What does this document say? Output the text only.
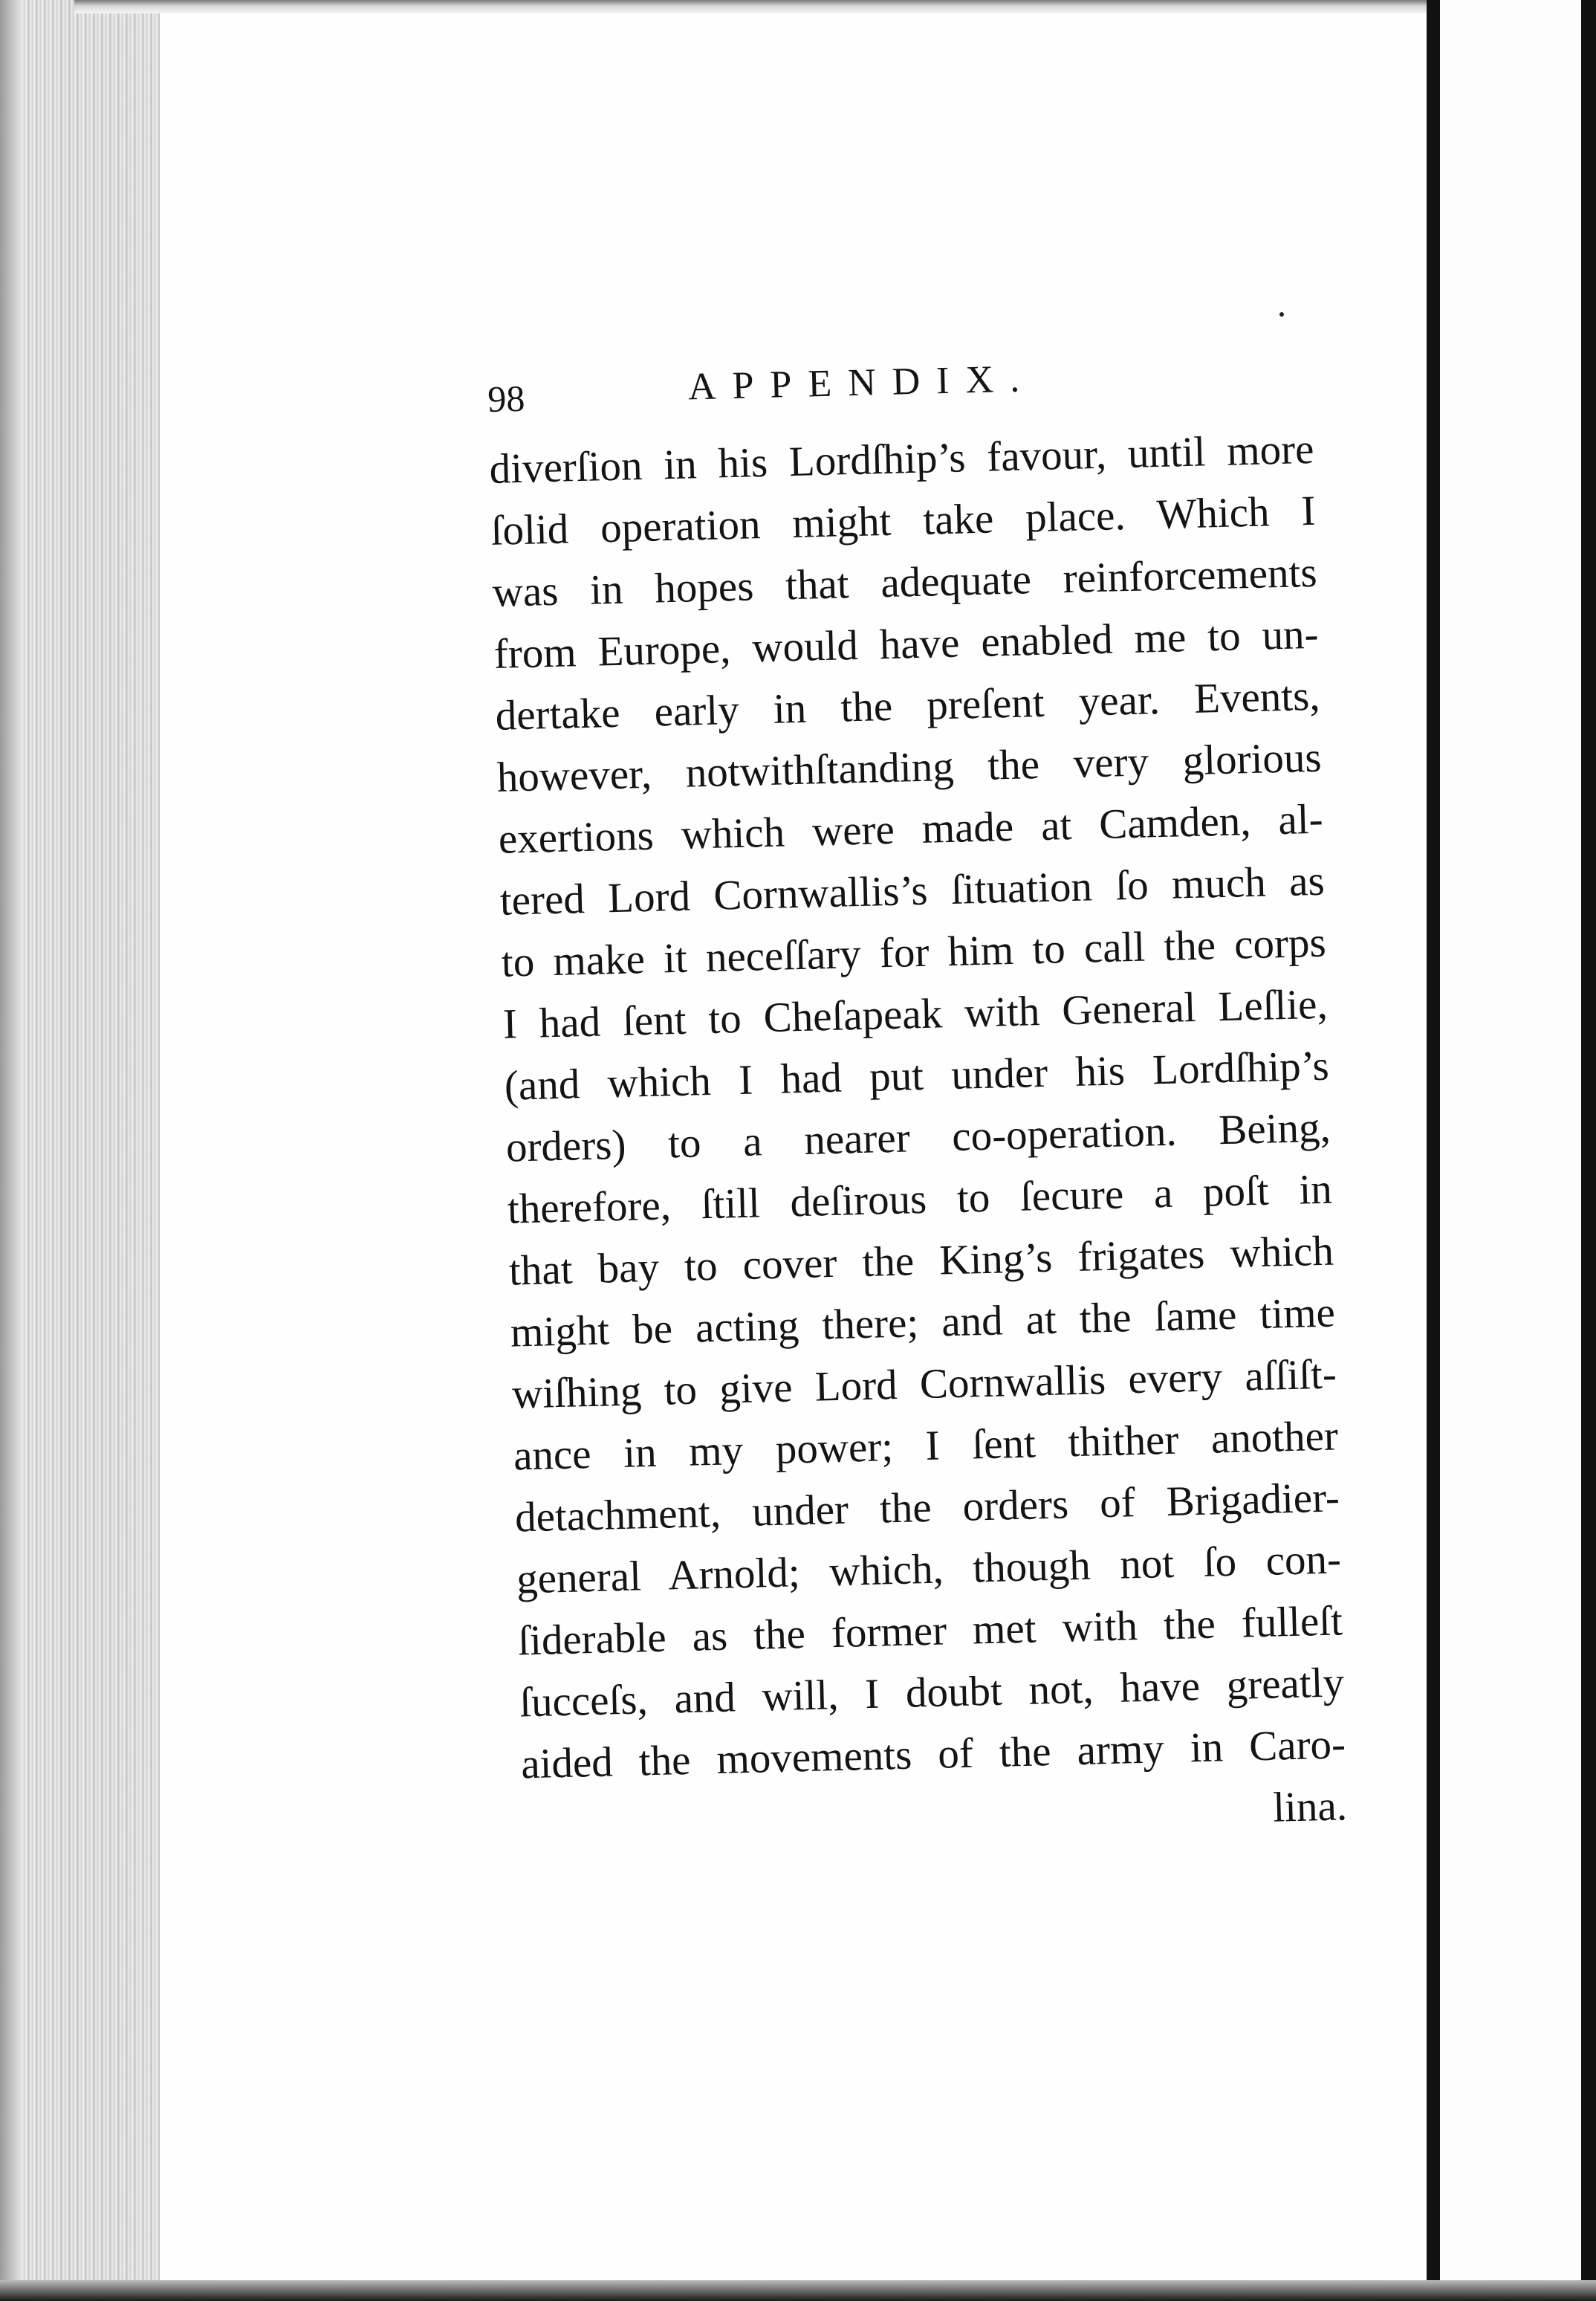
98	APPENDIX.
diverſion in his Lordſhip’s favour, until more
ſolid operation might take place. Which I
was in hopes that adequate reinforcements
from Europe, would have enabled me to un-
dertake early in the preſent year. Events,
however, notwithſtanding the very glorious
exertions which were made at Camden, al-
tered Lord Cornwallis’s ſituation ſo much as
to make it neceſſary for him to call the corps
I had ſent to Cheſapeak with General Leſlie,
(and which I had put under his Lordſhip’s
orders) to a nearer co-operation. Being,
therefore, ſtill deſirous to ſecure a poſt in
that bay to cover the King’s frigates which
might be acting there; and at the ſame time
wiſhing to give Lord Cornwallis every aſſiſt-
ance in my power; I ſent thither another
detachment, under the orders of Brigadier-
general Arnold; which, though not ſo con-
ſiderable as the former met with the fulleſt
ſucceſs, and will, I doubt not, have greatly
aided the movements of the army in Caro-
lina.
